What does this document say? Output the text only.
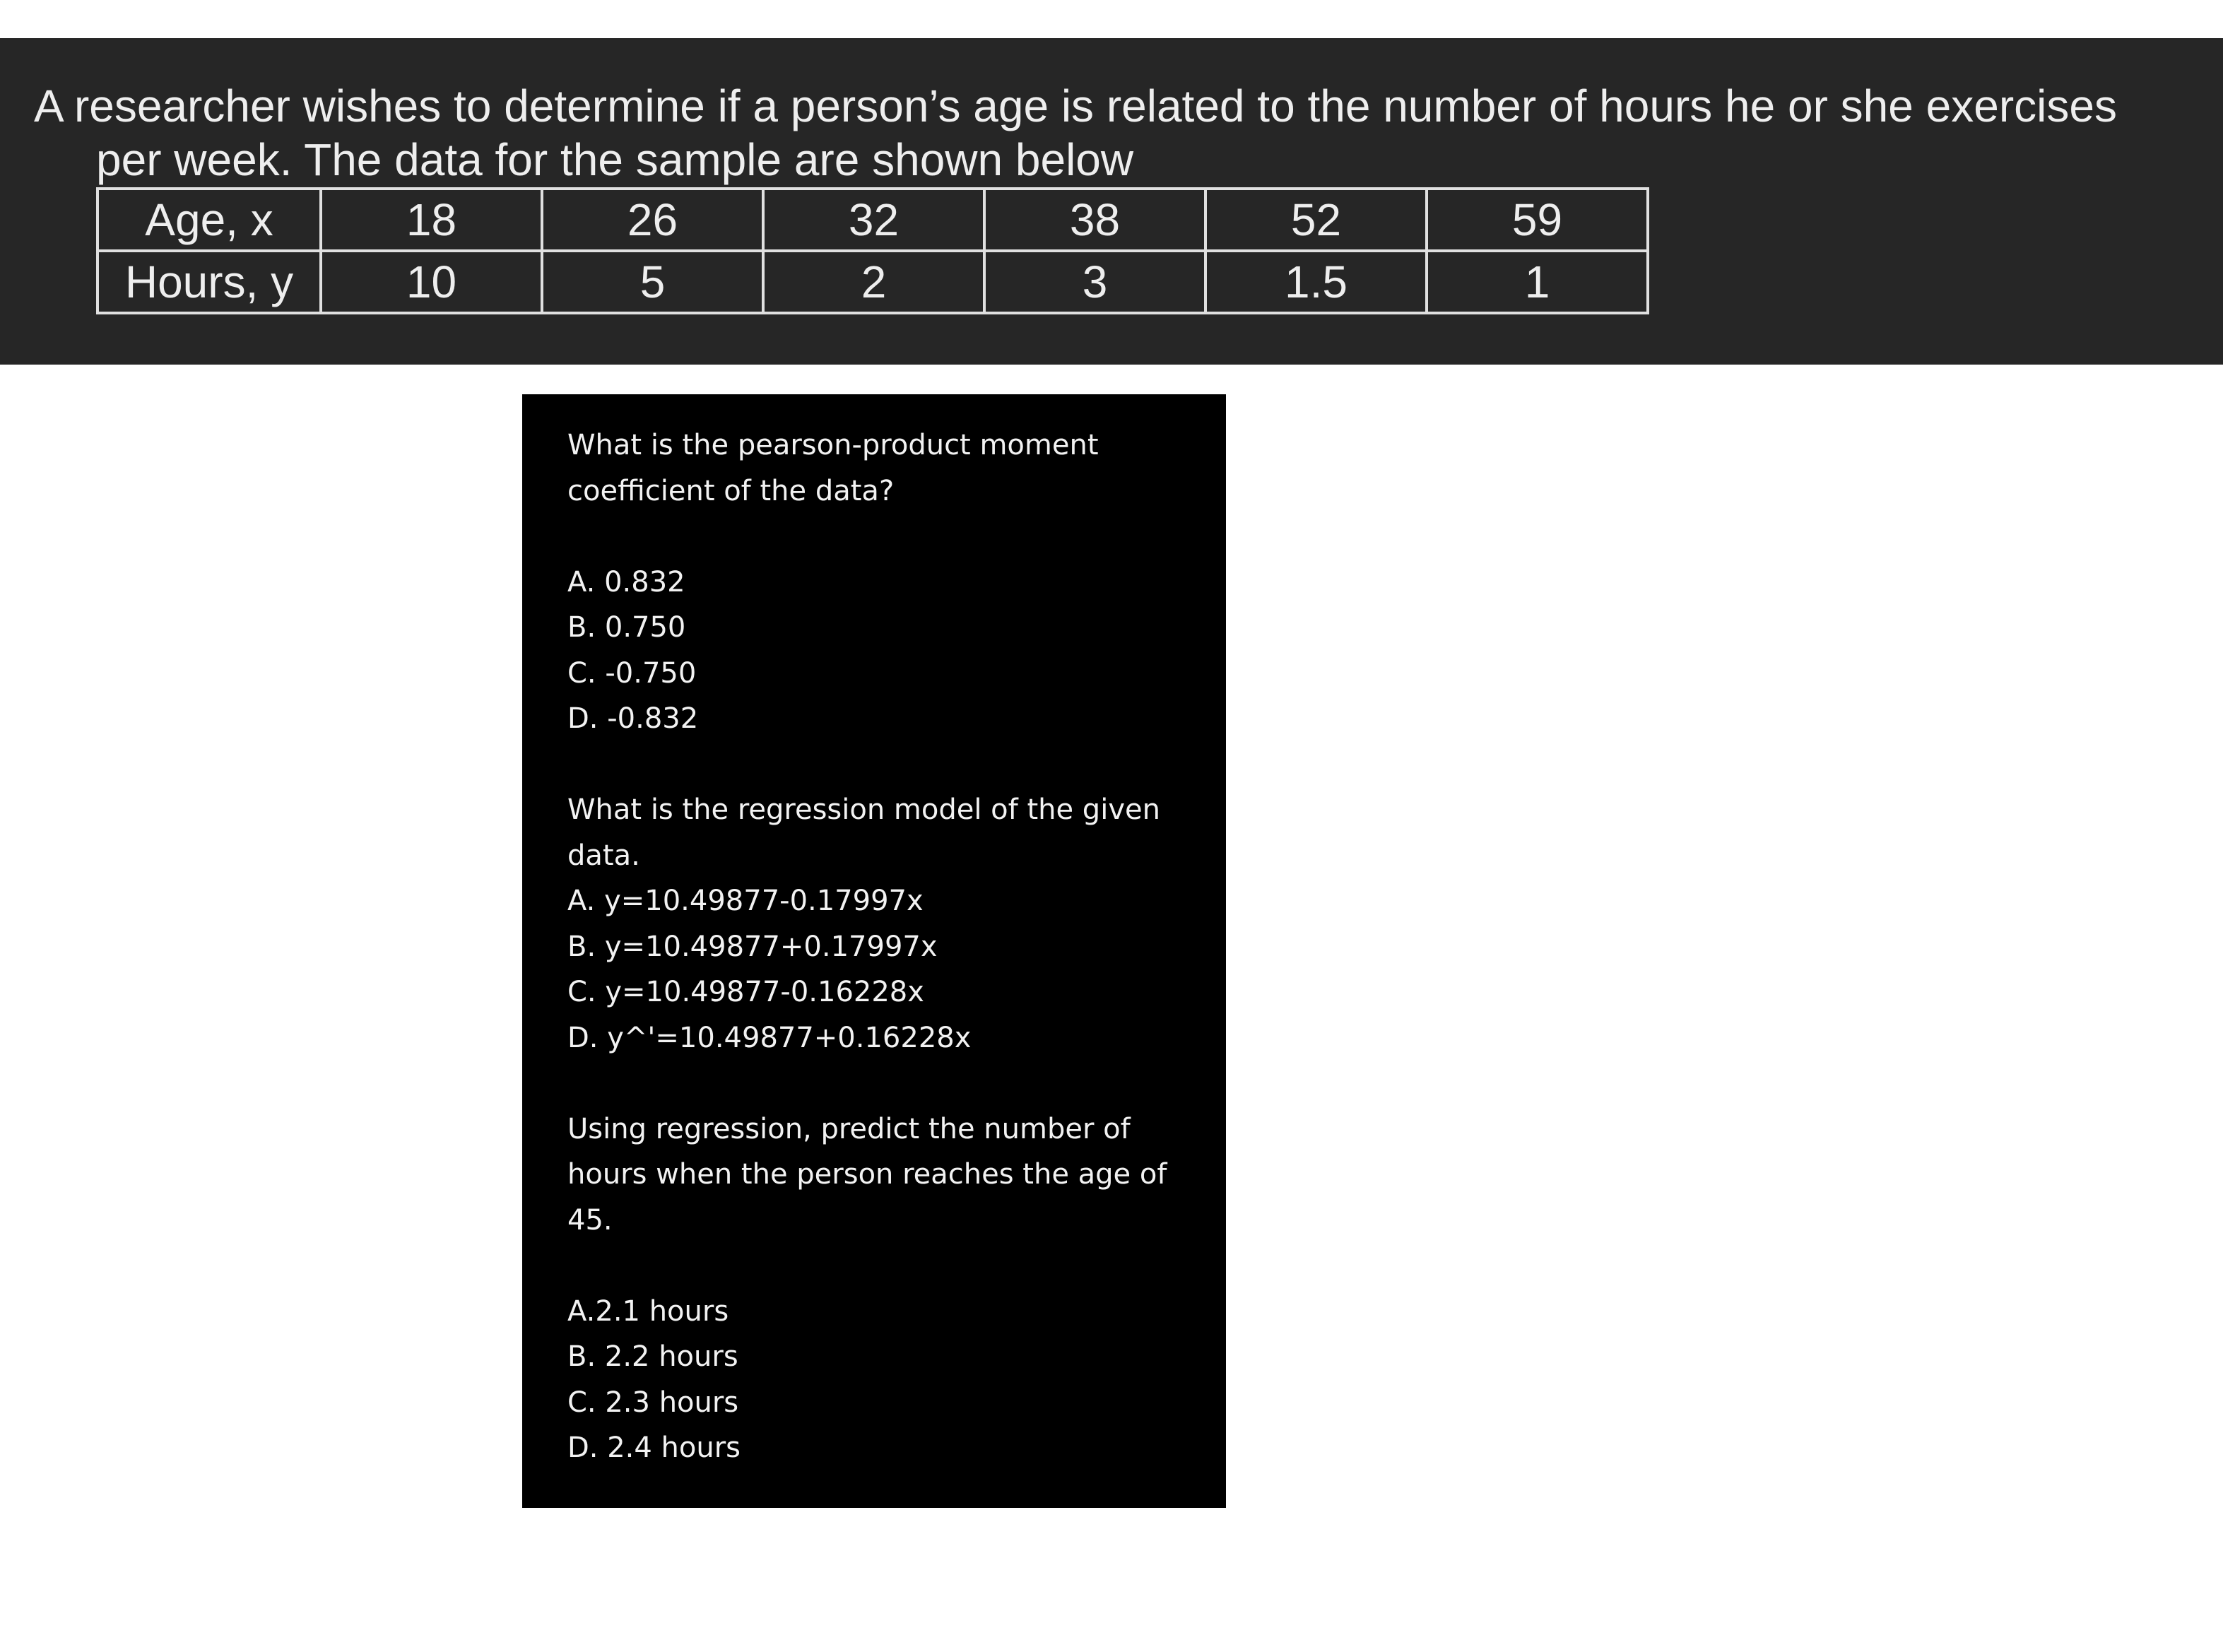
A researcher wishes to determine if a person’s age is related to the number of hours he or she exercises

per week. The data for the sample are shown below

Age, x	18	26	32	38	52	59
Hours, y	10	5	2	3	1.5	1

What is the pearson-product moment coefficient of the data?

A. 0.832

B. 0.750

C. -0.750

D. -0.832

What is the regression model of the given data.

A. y=10.49877-0.17997x

B. y=10.49877+0.17997x

C. y=10.49877-0.16228x

D. y^'=10.49877+0.16228x

Using regression, predict the number of hours when the person reaches the age of 45.

A.2.1 hours

B. 2.2 hours

C. 2.3 hours

D. 2.4 hours
